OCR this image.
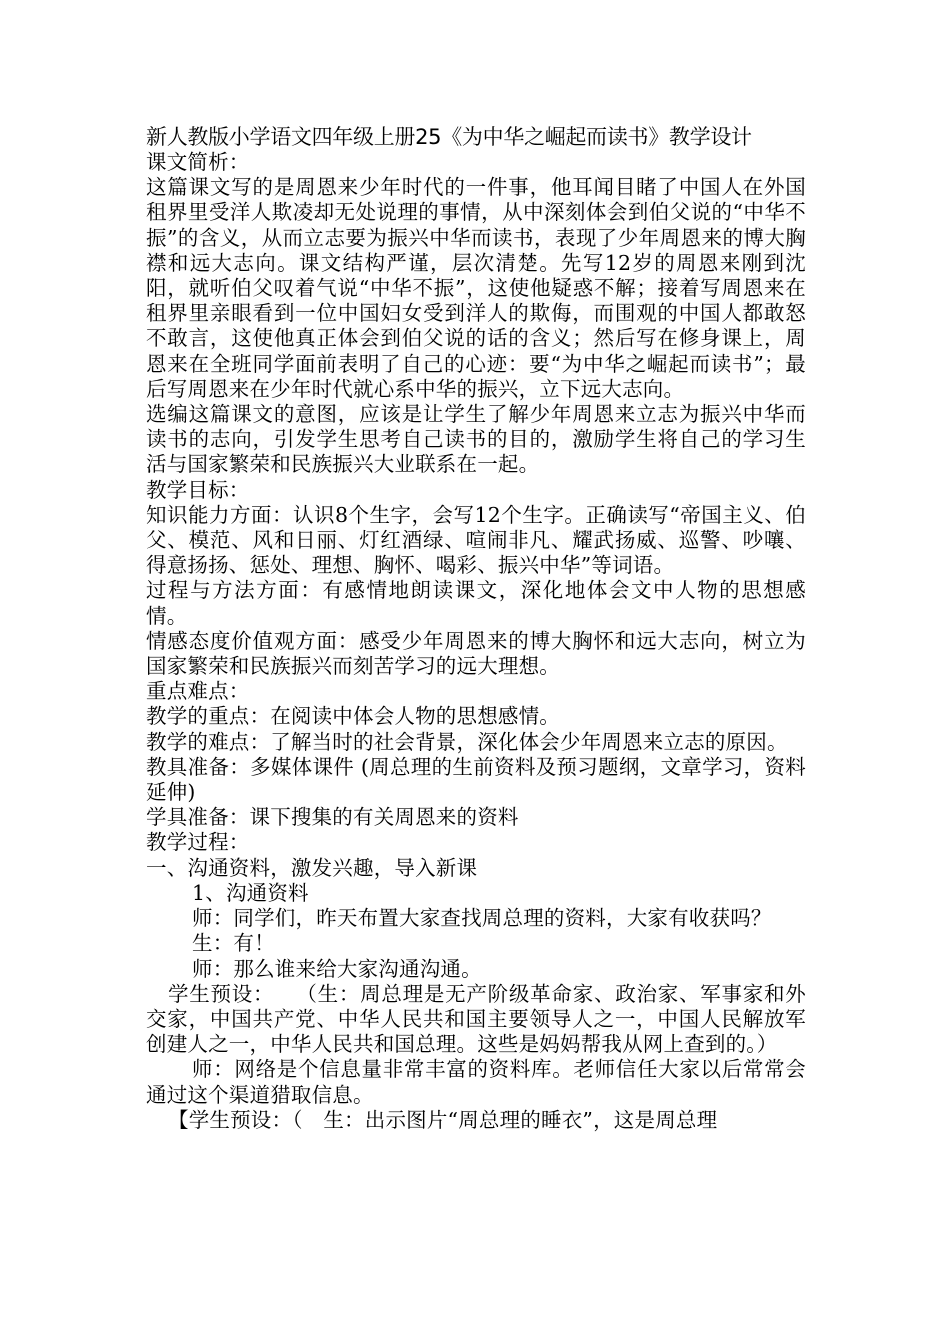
新人教版小学语文四年级上册25《为中华之崛起而读书》教学设计

课文简析：

这篇课文写的是周恩来少年时代的一件事，他耳闻目睹了中国人在外国租界里受洋人欺凌却无处说理的事情，从中深刻体会到伯父说的“中华不振”的含义，从而立志要为振兴中华而读书，表现了少年周恩来的博大胸襟和远大志向。课文结构严谨，层次清楚。先写12岁的周恩来刚到沈阳，就听伯父叹着气说“中华不振”，这使他疑惑不解；接着写周恩来在租界里亲眼看到一位中国妇女受到洋人的欺侮，而围观的中国人都敢怒不敢言，这使他真正体会到伯父说的话的含义；然后写在修身课上，周恩来在全班同学面前表明了自己的心迹：要“为中华之崛起而读书”；最后写周恩来在少年时代就心系中华的振兴，立下远大志向。

选编这篇课文的意图，应该是让学生了解少年周恩来立志为振兴中华而读书的志向，引发学生思考自己读书的目的，激励学生将自己的学习生活与国家繁荣和民族振兴大业联系在一起。

教学目标：

知识能力方面：认识8个生字，会写12个生字。正确读写“帝国主义、伯父、模范、风和日丽、灯红酒绿、喧闹非凡、耀武扬威、巡警、吵嚷、得意扬扬、惩处、理想、胸怀、喝彩、振兴中华”等词语。

过程与方法方面：有感情地朗读课文，深化地体会文中人物的思想感情。

情感态度价值观方面：感受少年周恩来的博大胸怀和远大志向，树立为国家繁荣和民族振兴而刻苦学习的远大理想。

重点难点：

教学的重点：在阅读中体会人物的思想感情。

教学的难点：了解当时的社会背景，深化体会少年周恩来立志的原因。

教具准备：多媒体课件 (周总理的生前资料及预习题纲，文章学习，资料延伸)

学具准备：课下搜集的有关周恩来的资料

教学过程：

一、沟通资料，激发兴趣，导入新课

1、沟通资料

师：同学们，昨天布置大家查找周总理的资料，大家有收获吗？

生：有！

师：那么谁来给大家沟通沟通。

学生预设：　　（生：周总理是无产阶级革命家、政治家、军事家和外交家，中国共产党、中华人民共和国主要领导人之一，中国人民解放军创建人之一，中华人民共和国总理。这些是妈妈帮我从网上查到的。）

师：网络是个信息量非常丰富的资料库。老师信任大家以后常常会通过这个渠道猎取信息。

【学生预设：（　生：出示图片“周总理的睡衣”，这是周总理
